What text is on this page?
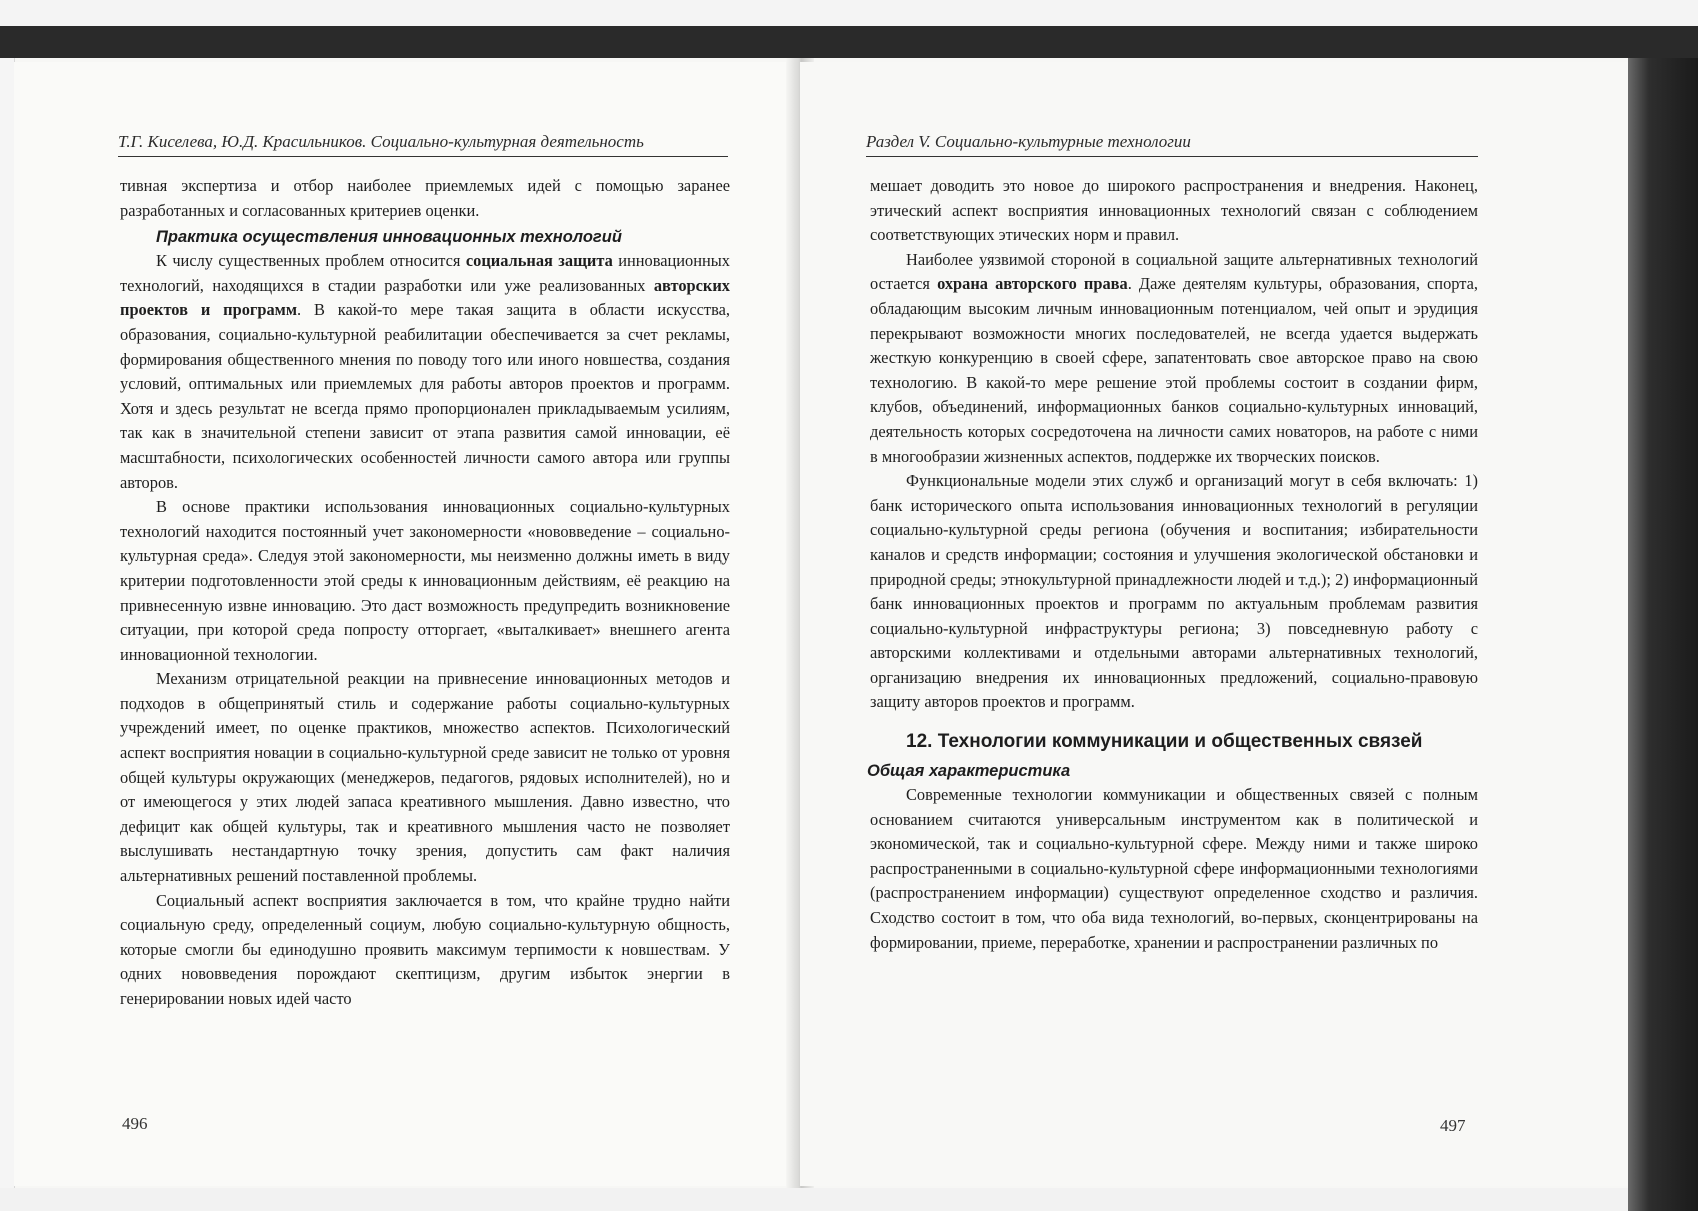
Т.Г. Киселева, Ю.Д. Красильников. Социально-культурная деятельность

тивная экспертиза и отбор наиболее приемлемых идей с помощью заранее разработанных и согласованных критериев оценки.

Практика осуществления инновационных технологий

К числу существенных проблем относится социальная защита инновационных технологий, находящихся в стадии разработки или уже реализованных авторских проектов и программ. В какой-то мере такая защита в области искусства, образования, социально-культурной реабилитации обеспечивается за счет рекламы, формирования общественного мнения по поводу того или иного новшества, создания условий, оптимальных или приемлемых для работы авторов проектов и программ. Хотя и здесь результат не всегда прямо пропорционален прикладываемым усилиям, так как в значительной степени зависит от этапа развития самой инновации, её масштабности, психологических особенностей личности самого автора или группы авторов.

В основе практики использования инновационных социально-культурных технологий находится постоянный учет закономерности «нововведение – социально-культурная среда». Следуя этой закономерности, мы неизменно должны иметь в виду критерии подготовленности этой среды к инновационным действиям, её реакцию на привнесенную извне инновацию. Это даст возможность предупредить возникновение ситуации, при которой среда попросту отторгает, «выталкивает» внешнего агента инновационной технологии.

Механизм отрицательной реакции на привнесение инновационных методов и подходов в общепринятый стиль и содержание работы социально-культурных учреждений имеет, по оценке практиков, множество аспектов. Психологический аспект восприятия новации в социально-культурной среде зависит не только от уровня общей культуры окружающих (менеджеров, педагогов, рядовых исполнителей), но и от имеющегося у этих людей запаса креативного мышления. Давно известно, что дефицит как общей культуры, так и креативного мышления часто не позволяет выслушивать нестандартную точку зрения, допустить сам факт наличия альтернативных решений поставленной проблемы.

Социальный аспект восприятия заключается в том, что крайне трудно найти социальную среду, определенный социум, любую социально-культурную общность, которые смогли бы единодушно проявить максимум терпимости к новшествам. У одних нововведения порождают скептицизм, другим избыток энергии в генерировании новых идей часто

496
Раздел V. Социально-культурные технологии

мешает доводить это новое до широкого распространения и внедрения. Наконец, этический аспект восприятия инновационных технологий связан с соблюдением соответствующих этических норм и правил.

Наиболее уязвимой стороной в социальной защите альтернативных технологий остается охрана авторского права. Даже деятелям культуры, образования, спорта, обладающим высоким личным инновационным потенциалом, чей опыт и эрудиция перекрывают возможности многих последователей, не всегда удается выдержать жесткую конкуренцию в своей сфере, запатентовать свое авторское право на свою технологию. В какой-то мере решение этой проблемы состоит в создании фирм, клубов, объединений, информационных банков социально-культурных инноваций, деятельность которых сосредоточена на личности самих новаторов, на работе с ними в многообразии жизненных аспектов, поддержке их творческих поисков.

Функциональные модели этих служб и организаций могут в себя включать: 1) банк исторического опыта использования инновационных технологий в регуляции социально-культурной среды региона (обучения и воспитания; избирательности каналов и средств информации; состояния и улучшения экологической обстановки и природной среды; этнокультурной принадлежности людей и т.д.); 2) информационный банк инновационных проектов и программ по актуальным проблемам развития социально-культурной инфраструктуры региона; 3) повседневную работу с авторскими коллективами и отдельными авторами альтернативных технологий, организацию внедрения их инновационных предложений, социально-правовую защиту авторов проектов и программ.

12. Технологии коммуникации и общественных связей
Общая характеристика

Современные технологии коммуникации и общественных связей с полным основанием считаются универсальным инструментом как в политической и экономической, так и социально-культурной сфере. Между ними и также широко распространенными в социально-культурной сфере информационными технологиями (распространением информации) существуют определенное сходство и различия. Сходство состоит в том, что оба вида технологий, во-первых, сконцентрированы на формировании, приеме, переработке, хранении и распространении различных по

497
